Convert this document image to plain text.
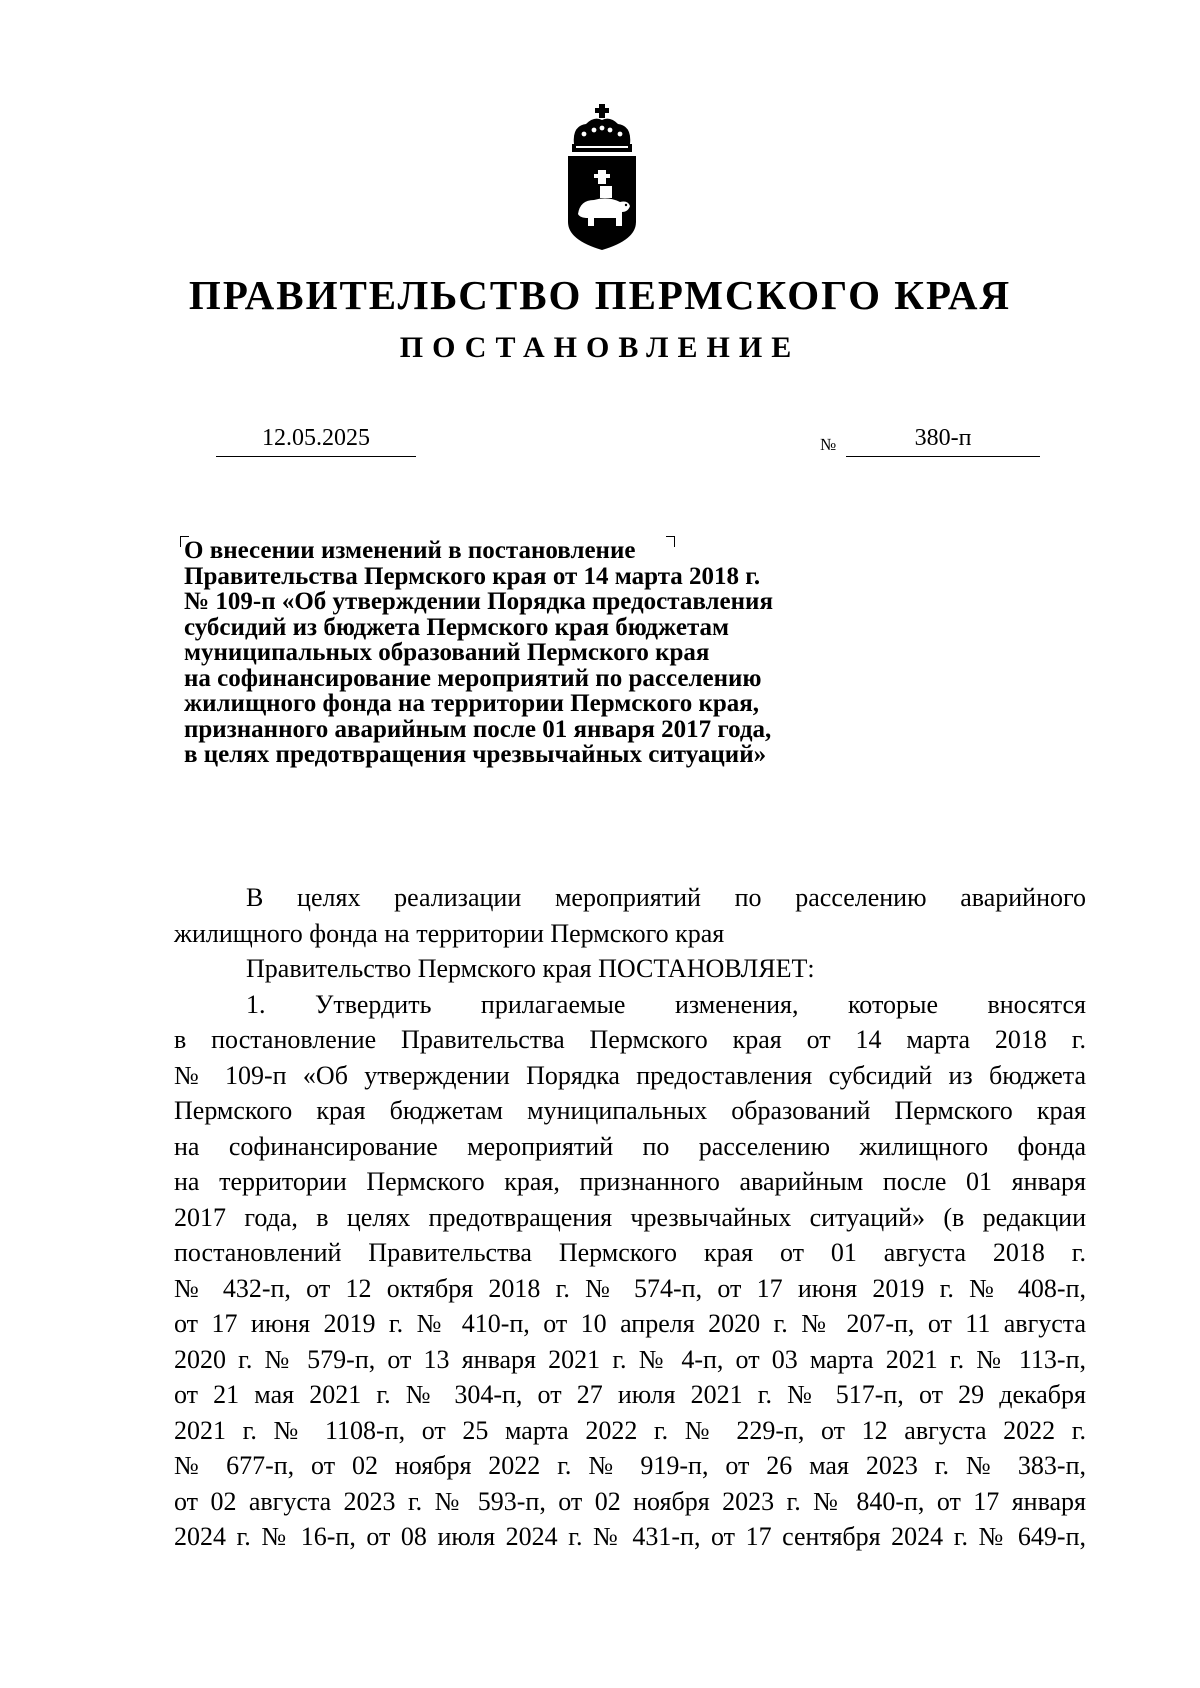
ПРАВИТЕЛЬСТВО ПЕРМСКОГО КРАЯ
ПОСТАНОВЛЕНИЕ
12.05.2025	№	380-п
О внесении изменений в постановление
Правительства Пермского края от 14 марта 2018 г.
№ 109-п «Об утверждении Порядка предоставления
субсидий из бюджета Пермского края бюджетам
муниципальных образований Пермского края
на софинансирование мероприятий по расселению
жилищного фонда на территории Пермского края,
признанного аварийным после 01 января 2017 года,
в целях предотвращения чрезвычайных ситуаций»
В целях реализации мероприятий по расселению аварийного
жилищного фонда на территории Пермского края
Правительство Пермского края ПОСТАНОВЛЯЕТ:
1. Утвердить прилагаемые изменения, которые вносятся
в постановление Правительства Пермского края от 14 марта 2018 г.
№ 109-п «Об утверждении Порядка предоставления субсидий из бюджета
Пермского края бюджетам муниципальных образований Пермского края
на софинансирование мероприятий по расселению жилищного фонда
на территории Пермского края, признанного аварийным после 01 января
2017 года, в целях предотвращения чрезвычайных ситуаций» (в редакции
постановлений Правительства Пермского края от 01 августа 2018 г.
№ 432-п, от 12 октября 2018 г. № 574-п, от 17 июня 2019 г. № 408-п,
от 17 июня 2019 г. № 410-п, от 10 апреля 2020 г. № 207-п, от 11 августа
2020 г. № 579-п, от 13 января 2021 г. № 4-п, от 03 марта 2021 г. № 113-п,
от 21 мая 2021 г. № 304-п, от 27 июля 2021 г. № 517-п, от 29 декабря
2021 г. № 1108-п, от 25 марта 2022 г. № 229-п, от 12 августа 2022 г.
№ 677-п, от 02 ноября 2022 г. № 919-п, от 26 мая 2023 г. № 383-п,
от 02 августа 2023 г. № 593-п, от 02 ноября 2023 г. № 840-п, от 17 января
2024 г. № 16-п, от 08 июля 2024 г. № 431-п, от 17 сентября 2024 г. № 649-п,
